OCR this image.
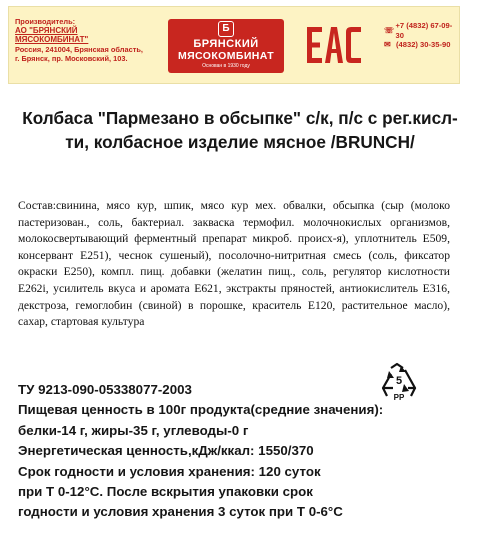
Производитель:
АО "БРЯНСКИЙ МЯСОКОМБИНАТ"
Россия, 241004, Брянская область,
г. Брянск, пр. Московский, 103.
Б
БРЯНСКИЙ
МЯСОКОМБИНАТ
Основан в 1930 году
☏
+7 (4832) 67-09-30
✉ (4832) 30-35-90
Колбаса "Пармезано в обсыпке" с/к, п/с с рег.кисл-ти, колбасное изделие мясное /BRUNCH/
Состав:свинина, мясо кур, шпик, мясо кур мех. обвалки, обсыпка (сыр (молоко пастеризован., соль, бактериал. закваска термофил. молочнокислых организмов, молокосвертывающий ферментный препарат микроб. происх-я), уплотнитель Е509, консервант Е251), чеснок сушеный), посолочно-нитритная смесь (соль, фиксатор окраски Е250), компл. пищ. добавки (желатин пищ., соль, регулятор кислотности Е262i, усилитель вкуса и аромата Е621, экстракты пряностей, антиокислитель Е316, декстроза, гемоглобин (свиной) в порошке, краситель Е120, растительное масло), сахар, стартовая культура
5
PP
ТУ 9213-090-05338077-2003
Пищевая ценность в 100г продукта(средние значения):
белки-14 г, жиры-35 г, углеводы-0 г
Энергетическая ценность,кДж/ккал: 1550/370
Срок годности и условия хранения: 120 суток
при Т 0-12°С. После вскрытия упаковки срок
годности и условия хранения 3 суток при Т 0-6°С
